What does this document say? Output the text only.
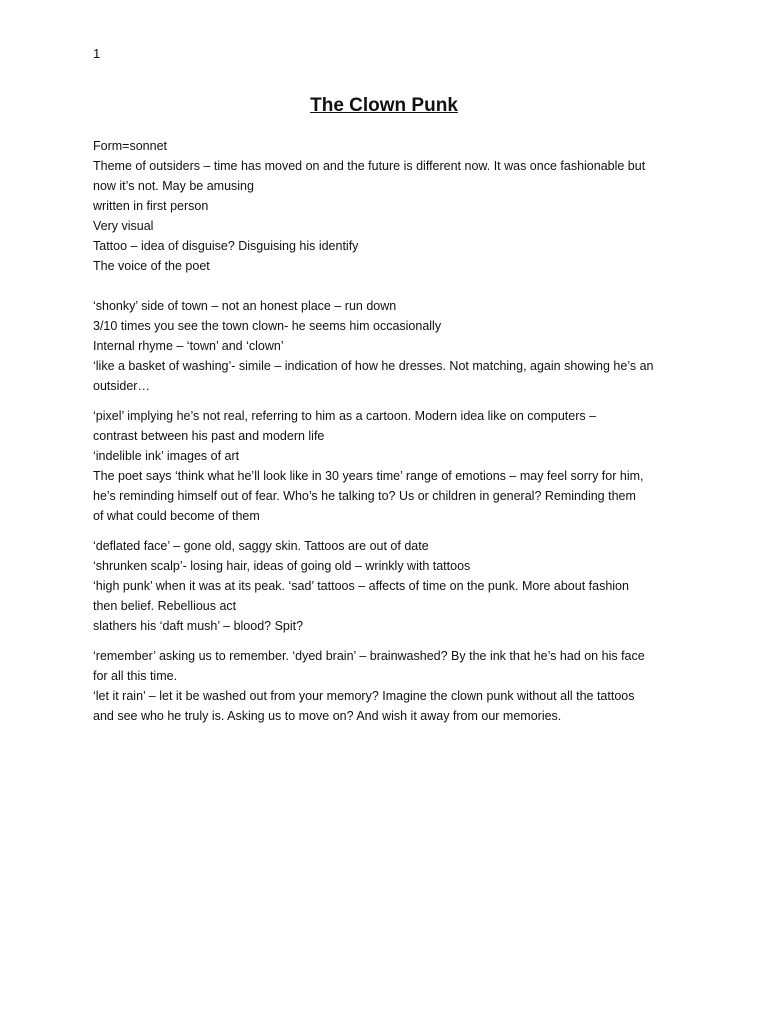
1
The Clown Punk

Form=sonnet

Theme of outsiders – time has moved on and the future is different now. It was once fashionable but

now it’s not. May be amusing

written in first person

Very visual

Tattoo – idea of disguise? Disguising his identify

The voice of the poet

‘shonky’ side of town – not an honest place – run down

3/10 times you see the town clown- he seems him occasionally

Internal rhyme – ‘town’ and ‘clown’

‘like a basket of washing’- simile – indication of how he dresses. Not matching, again showing he’s an

outsider…

‘pixel’ implying he’s not real, referring to him as a cartoon. Modern idea like on computers –

contrast between his past and modern life

‘indelible ink’ images of art

The poet says ‘think what he’ll look like in 30 years time’ range of emotions – may feel sorry for him,

he’s reminding himself out of fear. Who’s he talking to? Us or children in general? Reminding them

of what could become of them

‘deflated face’ – gone old, saggy skin. Tattoos are out of date

‘shrunken scalp’- losing hair, ideas of going old – wrinkly with tattoos

‘high punk’ when it was at its peak. ‘sad’ tattoos – affects of time on the punk. More about fashion

then belief. Rebellious act

slathers his ‘daft mush’ – blood? Spit?

‘remember’ asking us to remember. ‘dyed brain’ – brainwashed? By the ink that he’s had on his face

for all this time.

‘let it rain’ – let it be washed out from your memory? Imagine the clown punk without all the tattoos

and see who he truly is. Asking us to move on? And wish it away from our memories.
